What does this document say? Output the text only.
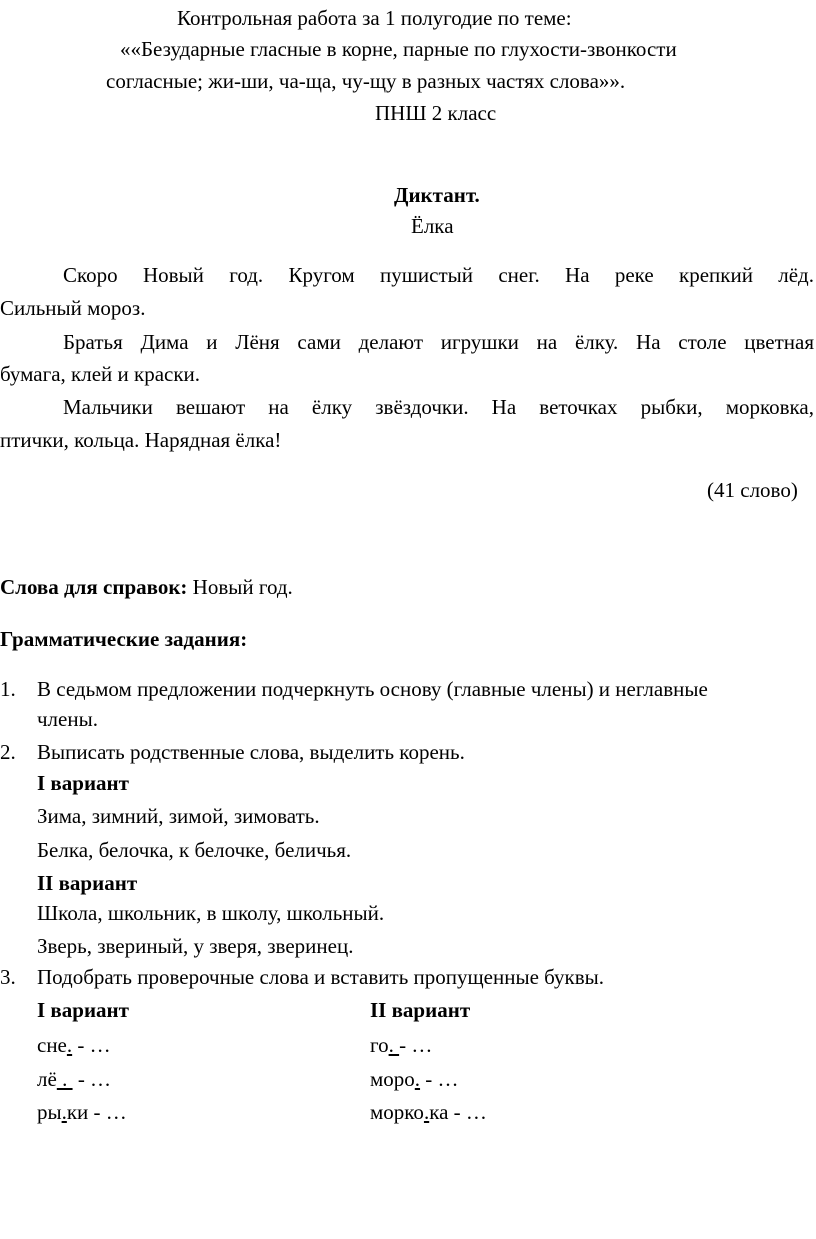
Контрольная работа за 1 полугодие по теме:
««Безударные гласные в корне, парные по глухости-звонкости
согласные; жи-ши, ча-ща, чу-щу в разных частях слова»».
ПНШ 2 класс
Диктант.
Ёлка
Скоро Новый год. Кругом пушистый снег. На реке крепкий лёд.
Сильный мороз.
Братья Дима и Лёня сами делают игрушки на ёлку. На столе цветная
бумага, клей и краски.
Мальчики вешают на ёлку звёздочки. На веточках рыбки, морковка,
птички, кольца. Нарядная ёлка!
(41 слово)
Слова для справок: Новый год.
Грамматические задания:
1. В седьмом предложении подчеркнуть основу (главные члены) и неглавные
члены.
2. Выписать родственные слова, выделить корень.
I вариант
Зима, зимний, зимой, зимовать.
Белка, белочка, к белочке, беличья.
II вариант
Школа, школьник, в школу, школьный.
Зверь, звериный, у зверя, зверинец.
3. Подобрать проверочные слова и вставить пропущенные буквы.
I вариант	II вариант
сне. - …
лё .  - …
ры.ки - …
го. - …
моро. - …
морко.ка - …
